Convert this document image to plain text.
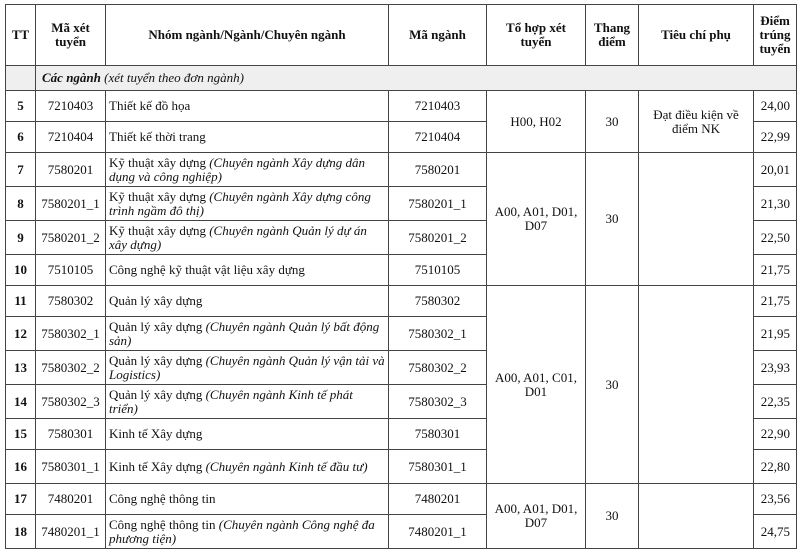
TT	Mã xét tuyển	Nhóm ngành/Ngành/Chuyên ngành	Mã ngành	Tổ hợp xét tuyển	Thang điểm	Tiêu chí phụ	Điểm trúng tuyển
	Các ngành (xét tuyển theo đơn ngành)						
5	7210403	Thiết kế đồ họa	7210403	H00, H02	30	Đạt điều kiện về điểm NK	24,00
6	7210404	Thiết kế thời trang	7210404				22,99
7	7580201	Kỹ thuật xây dựng (Chuyên ngành Xây dựng dân dụng và công nghiệp)	7580201	A00, A01, D01, D07	30		20,01
8	7580201_1	Kỹ thuật xây dựng (Chuyên ngành Xây dựng công trình ngầm đô thị)	7580201_1				21,30
9	7580201_2	Kỹ thuật xây dựng (Chuyên ngành Quản lý dự án xây dựng)	7580201_2				22,50
10	7510105	Công nghệ kỹ thuật vật liệu xây dựng	7510105				21,75
11	7580302	Quản lý xây dựng	7580302	A00, A01, C01, D01	30		21,75
12	7580302_1	Quản lý xây dựng (Chuyên ngành Quản lý bất động sản)	7580302_1				21,95
13	7580302_2	Quản lý xây dựng (Chuyên ngành Quản lý vận tải và Logistics)	7580302_2				23,93
14	7580302_3	Quản lý xây dựng (Chuyên ngành Kinh tế phát triển)	7580302_3				22,35
15	7580301	Kinh tế Xây dựng	7580301				22,90
16	7580301_1	Kinh tế Xây dựng (Chuyên ngành Kinh tế đầu tư)	7580301_1				22,80
17	7480201	Công nghệ thông tin	7480201	A00, A01, D01, D07	30		23,56
18	7480201_1	Công nghệ thông tin (Chuyên ngành Công nghệ đa phương tiện)	7480201_1				24,75
